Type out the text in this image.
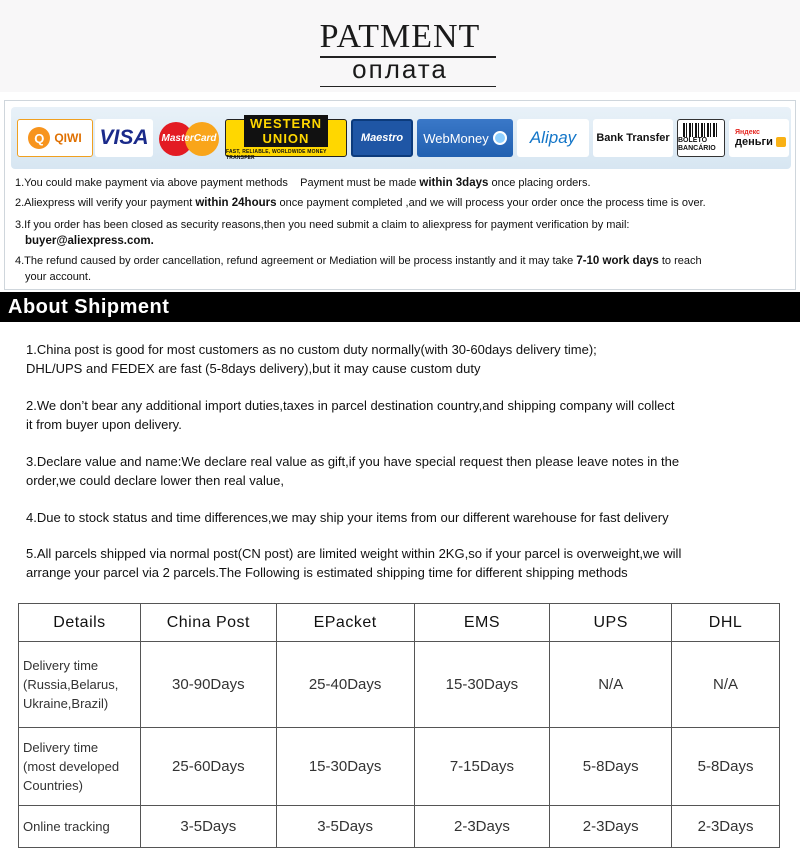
PATMENT
оплата
Q QIWI VISA MasterCard
WESTERN
UNION
FAST, RELIABLE, WORLDWIDE MONEY TRANSFER
Maestro WebMoney Alipay Bank Transfer BOLETO BANCÁRIO
Яндекс
деньги
1.You could make payment via above payment methods    Payment must be made within 3days once placing orders.
2.Aliexpress will verify your payment within 24hours once payment completed ,and we will process your order once the process time is over.
3.If you order has been closed as security reasons,then you need submit a claim to aliexpress for payment verification by mail:
buyer@aliexpress.com.
4.The refund caused by order cancellation, refund agreement or Mediation will be process instantly and it may take 7-10 work days to reach
your account.
About Shipment
1.China post is good for most customers as no custom duty normally(with 30-60days delivery time);
DHL/UPS and FEDEX are fast (5-8days delivery),but it may cause custom duty
2.We don’t bear any additional import duties,taxes in parcel destination country,and shipping company will collect
it from buyer upon delivery.
3.Declare value and name:We declare real value as gift,if you have special request then please leave notes in the
order,we could declare lower then real value,
4.Due to stock status and time differences,we may ship your items from our different warehouse for fast delivery
5.All parcels shipped via normal post(CN post) are limited weight within 2KG,so if your parcel is overweight,we will
arrange your parcel via 2 parcels.The Following is estimated shipping time for different shipping methods
Details	China Post	EPacket	EMS	UPS	DHL
Delivery time
(Russia,Belarus,
Ukraine,Brazil)	30-90Days	25-40Days	15-30Days	N/A	N/A
Delivery time
(most developed
Countries)	25-60Days	15-30Days	7-15Days	5-8Days	5-8Days
Online tracking	3-5Days	3-5Days	2-3Days	2-3Days	2-3Days
